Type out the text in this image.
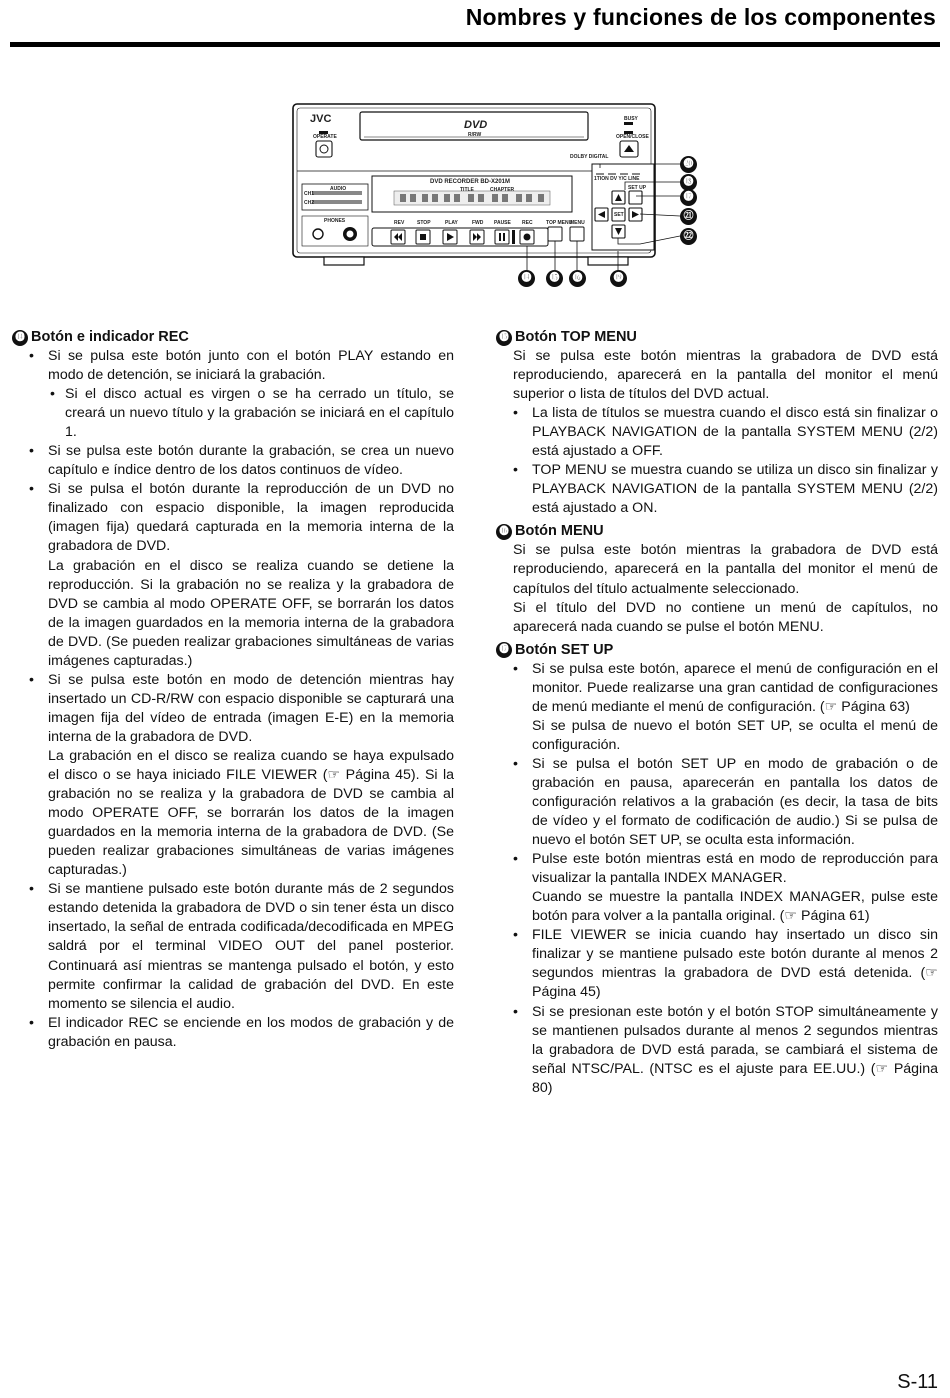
Nombres y funciones de los componentes
JVC	DVD
R/RW
OPERATE
BUSY
OPEN/CLOSE
DVD RECORDER BD-X201M
TITLE	CHAPTER
AUDIO
CH1
CH2
PHONES	REV	STOP	PLAY	FWD PAUSE REC	TOP MENU
MENU
1TION DV Y/C LINE
SET UP
SET
DOLBY DIGITAL
⓴
⓲
⓱
㉑
㉒
⓮	⓯	⓰	⓳
⓮ Botón e indicador REC
• Si se pulsa este botón junto con el botón PLAY estando en modo de detención, se iniciará la grabación.
• Si el disco actual es virgen o se ha cerrado un título, se creará un nuevo título y la grabación se iniciará en el capítulo 1.
• Si se pulsa este botón durante la grabación, se crea un nuevo capítulo e índice dentro de los datos continuos de vídeo.
• Si se pulsa el botón durante la reproducción de un DVD no finalizado con espacio disponible, la imagen reproducida (imagen fija) quedará capturada en la memoria interna de la grabadora de DVD.
La grabación en el disco se realiza cuando se detiene la reproducción. Si la grabación no se realiza y la grabadora de DVD se cambia al modo OPERATE OFF, se borrarán los datos de la imagen guardados en la memoria interna de la grabadora de DVD. (Se pueden realizar grabaciones simultáneas de varias imágenes capturadas.)
• Si se pulsa este botón en modo de detención mientras hay insertado un CD-R/RW con espacio disponible se capturará una imagen fija del vídeo de entrada (imagen E-E) en la memoria interna de la grabadora de DVD.
La grabación en el disco se realiza cuando se haya expulsado el disco o se haya iniciado FILE VIEWER (☞ Página 45). Si la grabación no se realiza y la grabadora de DVD se cambia al modo OPERATE OFF, se borrarán los datos de la imagen guardados en la memoria interna de la grabadora de DVD. (Se pueden realizar grabaciones simultáneas de varias imágenes capturadas.)
• Si se mantiene pulsado este botón durante más de 2 segundos estando detenida la grabadora de DVD o sin tener ésta un disco insertado, la señal de entrada codificada/decodificada en MPEG saldrá por el terminal VIDEO OUT del panel posterior. Continuará así mientras se mantenga pulsado el botón, y esto permite confirmar la calidad de grabación del DVD. En este momento se silencia el audio.
• El indicador REC se enciende en los modos de grabación y de grabación en pausa.
⓯ Botón TOP MENU
Si se pulsa este botón mientras la grabadora de DVD está reproduciendo, aparecerá en la pantalla del monitor el menú superior o lista de títulos del DVD actual.
• La lista de títulos se muestra cuando el disco está sin finalizar o PLAYBACK NAVIGATION de la pantalla SYSTEM MENU (2/2) está ajustado a OFF.
• TOP MENU se muestra cuando se utiliza un disco sin finalizar y PLAYBACK NAVIGATION de la pantalla SYSTEM MENU (2/2) está ajustado a ON.
⓰ Botón MENU
Si se pulsa este botón mientras la grabadora de DVD está reproduciendo, aparecerá en la pantalla del monitor el menú de capítulos del título actualmente seleccionado.
Si el título del DVD no contiene un menú de capítulos, no aparecerá nada cuando se pulse el botón MENU.
⓱ Botón SET UP
• Si se pulsa este botón, aparece el menú de configuración en el monitor. Puede realizarse una gran cantidad de configuraciones de menú mediante el menú de configuración. (☞ Página 63)
Si se pulsa de nuevo el botón SET UP, se oculta el menú de configuración.
• Si se pulsa el botón SET UP en modo de grabación o de grabación en pausa, aparecerán en pantalla los datos de configuración relativos a la grabación (es decir, la tasa de bits de vídeo y el formato de codificación de audio.) Si se pulsa de nuevo el botón SET UP, se oculta esta información.
• Pulse este botón mientras está en modo de reproducción para visualizar la pantalla INDEX MANAGER.
Cuando se muestre la pantalla INDEX MANAGER, pulse este botón para volver a la pantalla original. (☞ Página 61)
• FILE VIEWER se inicia cuando hay insertado un disco sin finalizar y se mantiene pulsado este botón durante al menos 2 segundos mientras la grabadora de DVD está detenida. (☞ Página 45)
• Si se presionan este botón y el botón STOP simultáneamente y se mantienen pulsados durante al menos 2 segundos mientras la grabadora de DVD está parada, se cambiará el sistema de señal NTSC/PAL. (NTSC es el ajuste para EE.UU.) (☞ Página 80)
S-11
